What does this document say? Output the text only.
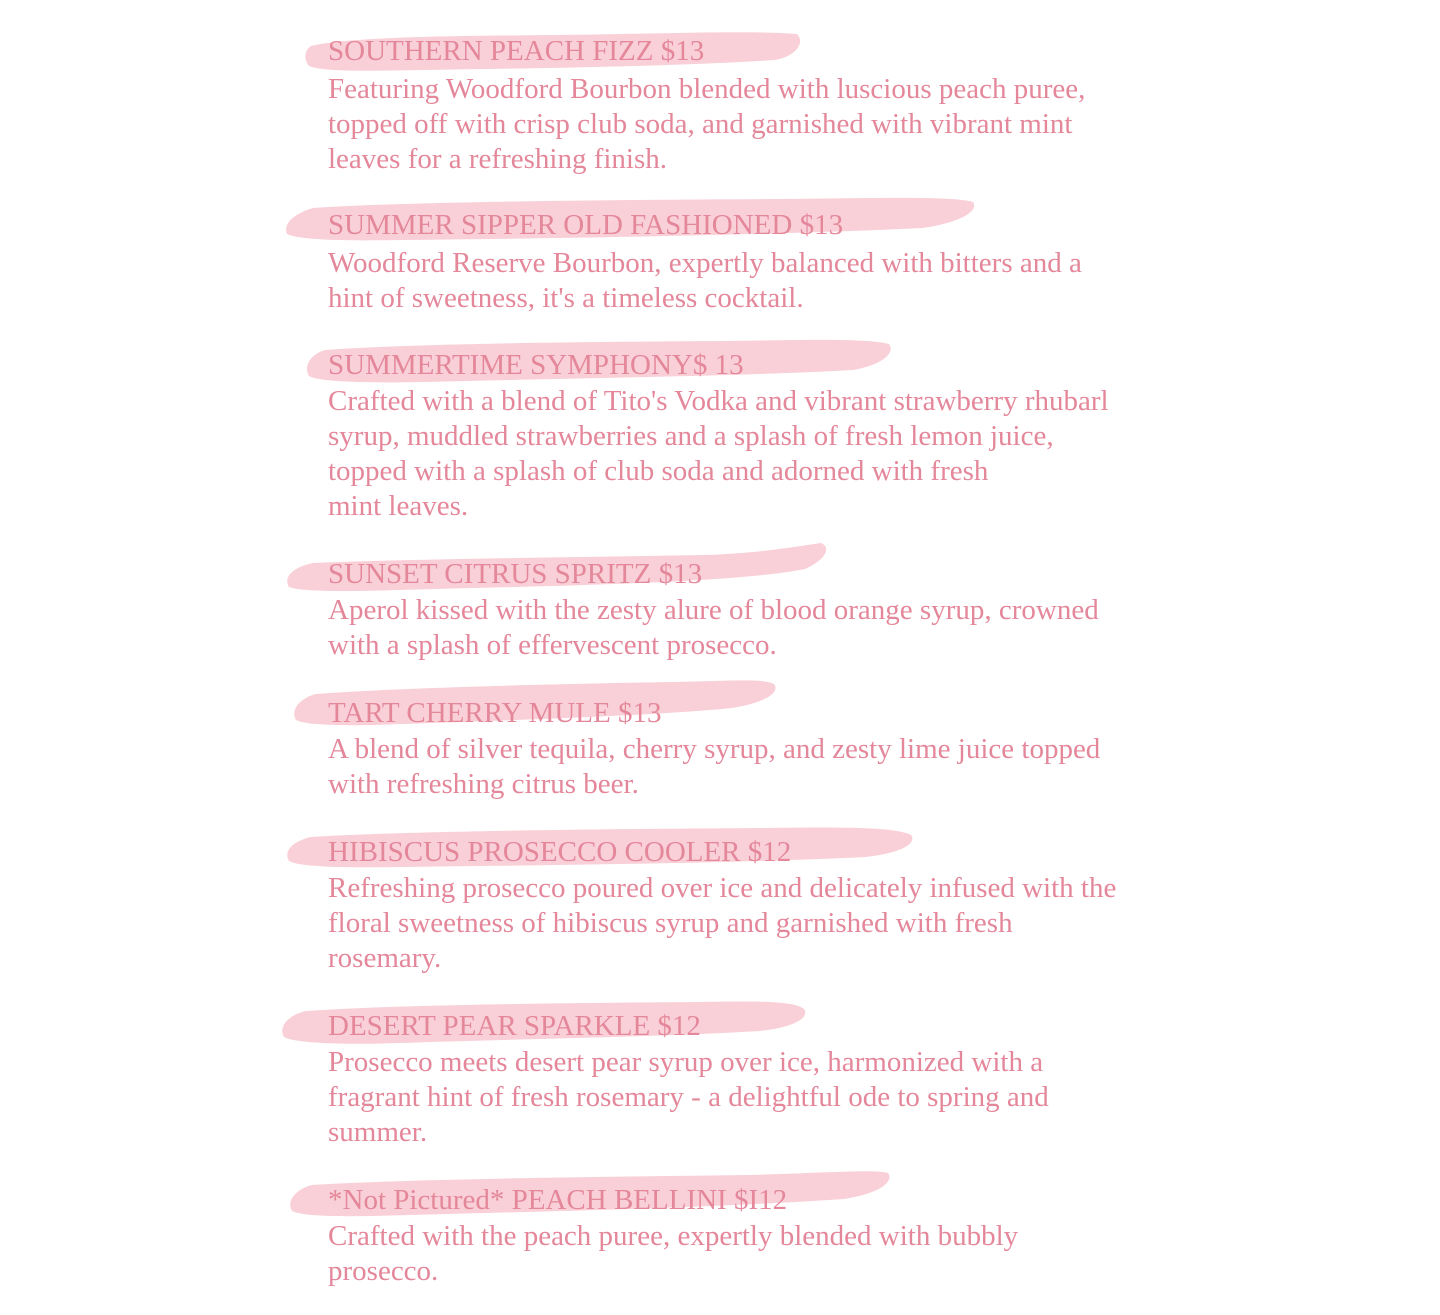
SOUTHERN PEACH FIZZ $13
Featuring Woodford Bourbon blended with luscious peach puree,
topped off with crisp club soda, and garnished with vibrant mint
leaves for a refreshing finish.
SUMMER SIPPER OLD FASHIONED $13
Woodford Reserve Bourbon, expertly balanced with bitters and a
hint of sweetness, it's a timeless cocktail.
SUMMERTIME SYMPHONY$ 13
Crafted with a blend of Tito's Vodka and vibrant strawberry rhubarl
syrup, muddled strawberries and a splash of fresh lemon juice,
topped with a splash of club soda and adorned with fresh
mint leaves.
SUNSET CITRUS SPRITZ $13
Aperol kissed with the zesty alure of blood orange syrup, crowned
with a splash of effervescent prosecco.
TART CHERRY MULE $13
A blend of silver tequila, cherry syrup, and zesty lime juice topped
with refreshing citrus beer.
HIBISCUS PROSECCO COOLER $12
Refreshing prosecco poured over ice and delicately infused with the
floral sweetness of hibiscus syrup and garnished with fresh
rosemary.
DESERT PEAR SPARKLE $12
Prosecco meets desert pear syrup over ice, harmonized with a
fragrant hint of fresh rosemary - a delightful ode to spring and
summer.
*Not Pictured* PEACH BELLINI $I12
Crafted with the peach puree, expertly blended with bubbly
prosecco.
